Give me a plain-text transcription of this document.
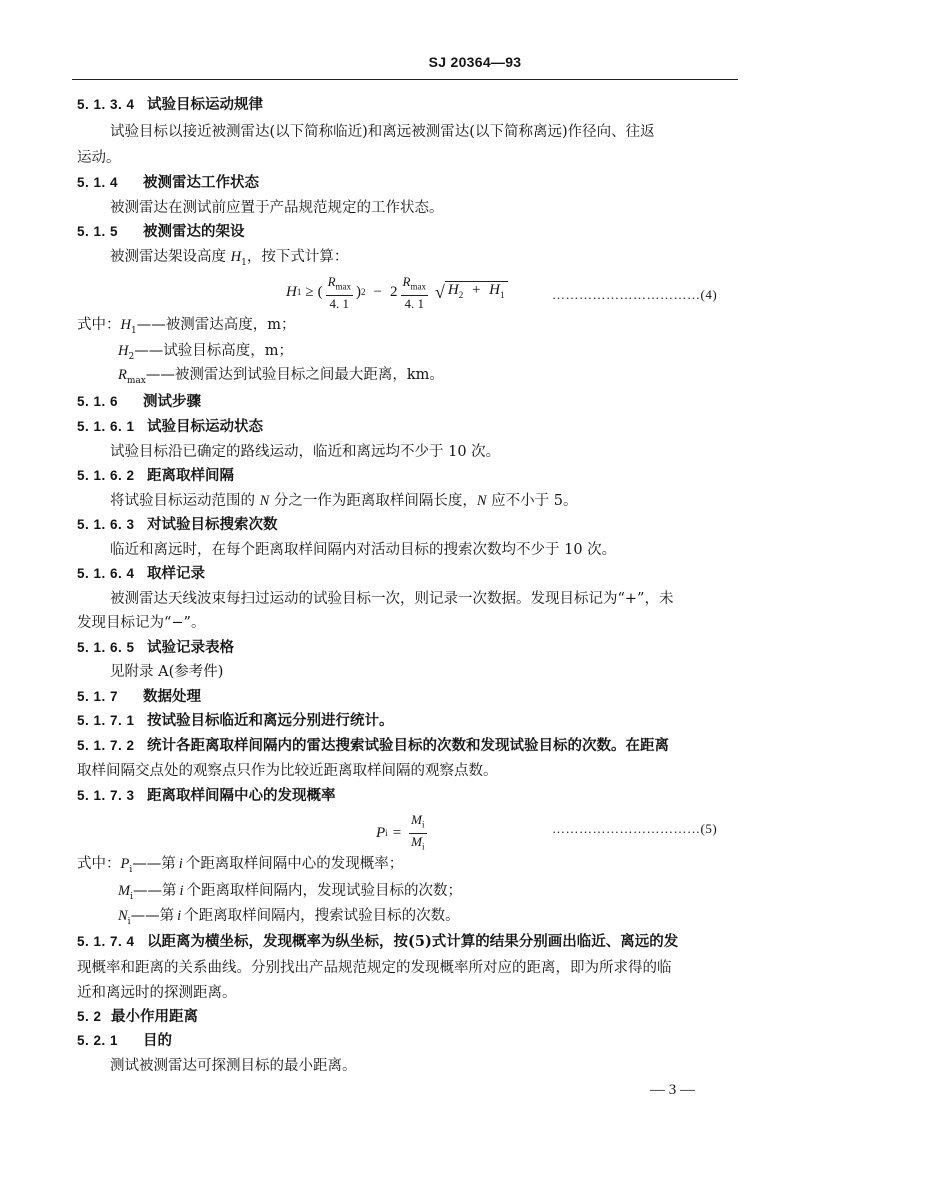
SJ 20364—93
5. 1. 3. 4 试验目标运动规律
试验目标以接近被测雷达(以下简称临近)和离远被测雷达(以下简称离远)作径向、往返
运动。
5. 1. 4 被测雷达工作状态
被测雷达在测试前应置于产品规范规定的工作状态。
5. 1. 5 被测雷达的架设
被测雷达架设高度 $H_1$，按下式计算：
H 1 ≥ ( $\frac{R_{max}}{4. 1}$ ) $2 - 2 \frac{R_{max}}{4. 1}$ √ $H_2 + H_1$	……………………………(4)
式中：$H_1——$被测雷达高度，m；
$H_2——$试验目标高度，m；
$R_{max}——$被测雷达到试验目标之间最大距离，km。
5. 1. 6 测试步骤
5. 1. 6. 1 试验目标运动状态
试验目标沿已确定的路线运动，临近和离远均不少于 10 次。
5. 1. 6. 2 距离取样间隔
将试验目标运动范围的 N 分之一作为距离取样间隔长度，N 应不小于 5。
5. 1. 6. 3 对试验目标搜索次数
临近和离远时，在每个距离取样间隔内对活动目标的搜索次数均不少于 10 次。
5. 1. 6. 4 取样记录
被测雷达天线波束每扫过运动的试验目标一次，则记录一次数据。发现目标记为“+”，未
发现目标记为“−”。
5. 1. 6. 5 试验记录表格
见附录 A(参考件)
5. 1. 7 数据处理
5. 1. 7. 1 按试验目标临近和离远分别进行统计。
5. 1. 7. 2 统计各距离取样间隔内的雷达搜索试验目标的次数和发现试验目标的次数。在距离
取样间隔交点处的观察点只作为比较近距离取样间隔的观察点数。
5. 1. 7. 3 距离取样间隔中心的发现概率
P $i = \frac{M_i}{M_i}$	……………………………(5)
式中：$P_i——$第 i 个距离取样间隔中心的发现概率；
$M_i——$第 i 个距离取样间隔内，发现试验目标的次数；
$N_i——$第 i 个距离取样间隔内，搜索试验目标的次数。
5. 1. 7. 4 以距离为横坐标，发现概率为纵坐标，按(5)式计算的结果分别画出临近、离远的发
现概率和距离的关系曲线。分别找出产品规范规定的发现概率所对应的距离，即为所求得的临
近和离远时的探测距离。
5. 2 最小作用距离
5. 2. 1 目的
测试被测雷达可探测目标的最小距离。
— 3 —
